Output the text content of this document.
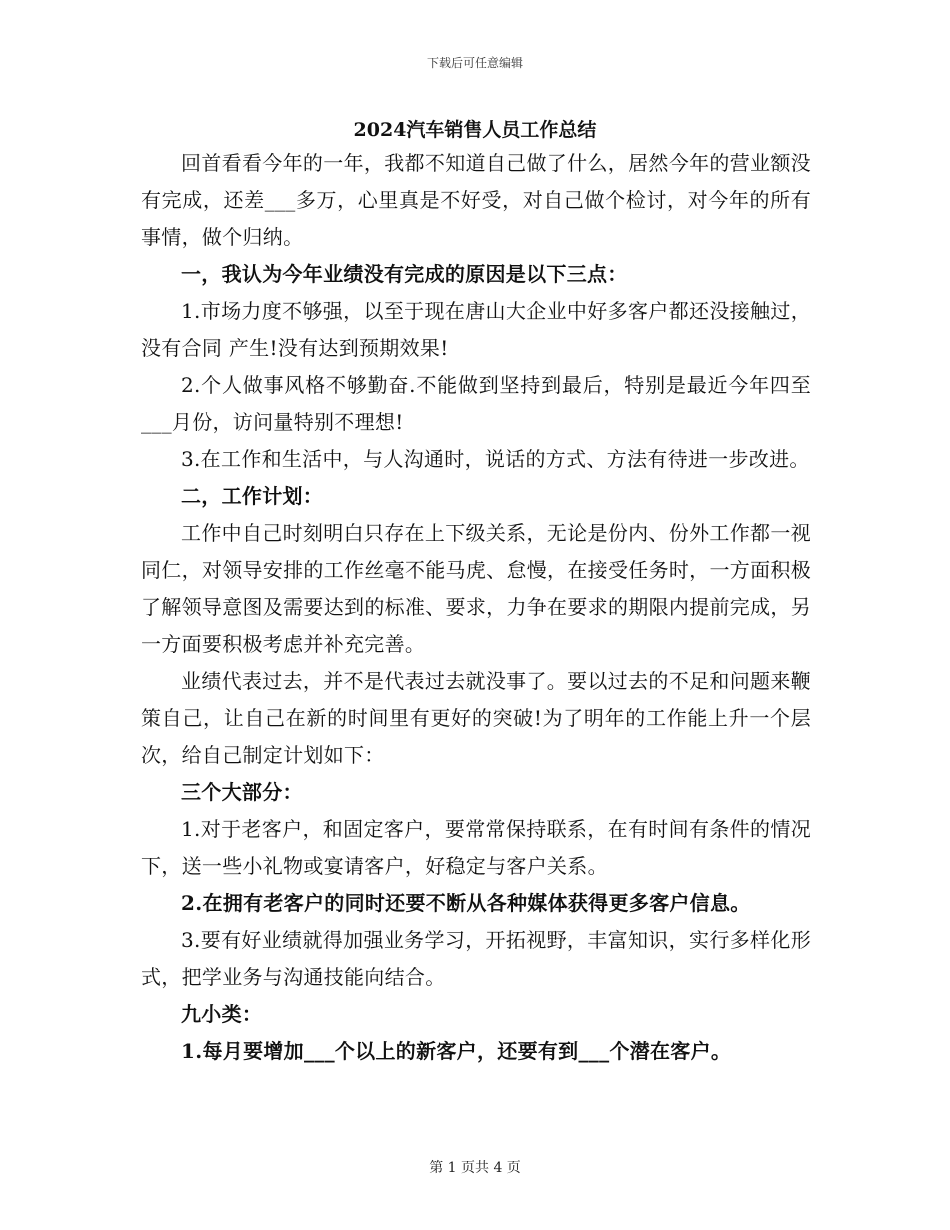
下载后可任意编辑
2024汽车销售人员工作总结

回首看看今年的一年，我都不知道自己做了什么，居然今年的营业额没有完成，还差___多万，心里真是不好受，对自己做个检讨，对今年的所有事情，做个归纳。

一，我认为今年业绩没有完成的原因是以下三点：

1.市场力度不够强，以至于现在唐山大企业中好多客户都还没接触过，没有合同 产生!没有达到预期效果!

2.个人做事风格不够勤奋.不能做到坚持到最后，特别是最近今年四至___月份，访问量特别不理想!

3.在工作和生活中，与人沟通时，说话的方式、方法有待进一步改进。

二，工作计划：

工作中自己时刻明白只存在上下级关系，无论是份内、份外工作都一视同仁，对领导安排的工作丝毫不能马虎、怠慢，在接受任务时，一方面积极了解领导意图及需要达到的标准、要求，力争在要求的期限内提前完成，另一方面要积极考虑并补充完善。

业绩代表过去，并不是代表过去就没事了。要以过去的不足和问题来鞭策自己，让自己在新的时间里有更好的突破!为了明年的工作能上升一个层次，给自己制定计划如下：

三个大部分：

1.对于老客户，和固定客户，要常常保持联系，在有时间有条件的情况下，送一些小礼物或宴请客户，好稳定与客户关系。

2.在拥有老客户的同时还要不断从各种媒体获得更多客户信息。

3.要有好业绩就得加强业务学习，开拓视野，丰富知识，实行多样化形式，把学业务与沟通技能向结合。

九小类：

1.每月要增加___个以上的新客户，还要有到___个潜在客户。

第 1 页共 4 页
